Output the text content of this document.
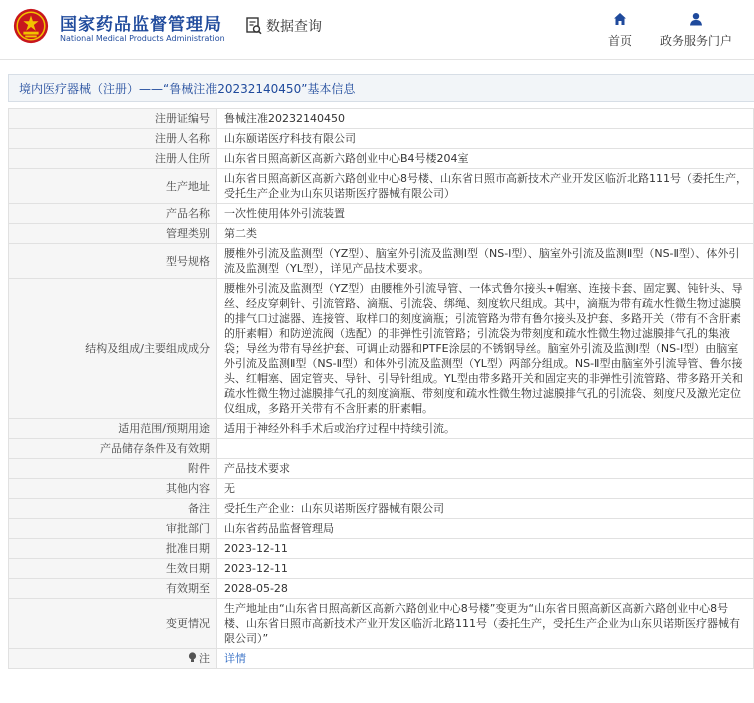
国家药品监督管理局
National Medical Products Administration
数据查询
首页 政务服务门户
境内医疗器械（注册）——“鲁械注准20232140450”基本信息
注册证编号	鲁械注准20232140450
注册人名称	山东颐诺医疗科技有限公司
注册人住所	山东省日照高新区高新六路创业中心B4号楼204室
生产地址	山东省日照高新区高新六路创业中心8号楼、山东省日照市高新技术产业开发区临沂北路111号（委托生产，受托生产企业为山东贝诺斯医疗器械有限公司）
产品名称	一次性使用体外引流装置
管理类别	第二类
型号规格	腰椎外引流及监测型（YZ型）、脑室外引流及监测Ⅰ型（NS-Ⅰ型）、脑室外引流及监测Ⅱ型（NS-Ⅱ型）、体外引流及监测型（YL型），详见产品技术要求。
结构及组成/主要组成成分	腰椎外引流及监测型（YZ型）由腰椎外引流导管、一体式鲁尔接头+帽塞、连接卡套、固定翼、钝针头、导丝、经皮穿刺针、引流管路、滴瓶、引流袋、绑绳、刻度软尺组成。其中，滴瓶为带有疏水性微生物过滤膜的排气口过滤器、连接管、取样口的刻度滴瓶；引流管路为带有鲁尔接头及护套、多路开关（带有不含肝素的肝素帽）和防逆流阀（选配）的非弹性引流管路；引流袋为带刻度和疏水性微生物过滤膜排气孔的集液袋；导丝为带有导丝护套、可调止动器和PTFE涂层的不锈钢导丝。脑室外引流及监测Ⅰ型（NS-Ⅰ型）由脑室外引流及监测Ⅱ型（NS-Ⅱ型）和体外引流及监测型（YL型）两部分组成。NS-Ⅱ型由脑室外引流导管、鲁尔接头、红帽塞、固定管夹、导针、引导针组成。YL型由带多路开关和固定夹的非弹性引流管路、带多路开关和疏水性微生物过滤膜排气孔的刻度滴瓶、带刻度和疏水性微生物过滤膜排气孔的引流袋、刻度尺及激光定位仪组成，多路开关带有不含肝素的肝素帽。
适用范围/预期用途	适用于神经外科手术后或治疗过程中持续引流。
产品储存条件及有效期	
附件	产品技术要求
其他内容	无
备注	受托生产企业：山东贝诺斯医疗器械有限公司
审批部门	山东省药品监督管理局
批准日期	2023-12-11
生效日期	2023-12-11
有效期至	2028-05-28
变更情况	生产地址由“山东省日照高新区高新六路创业中心8号楼”变更为“山东省日照高新区高新六路创业中心8号楼、山东省日照市高新技术产业开发区临沂北路111号（委托生产，受托生产企业为山东贝诺斯医疗器械有限公司）”
注	详情
